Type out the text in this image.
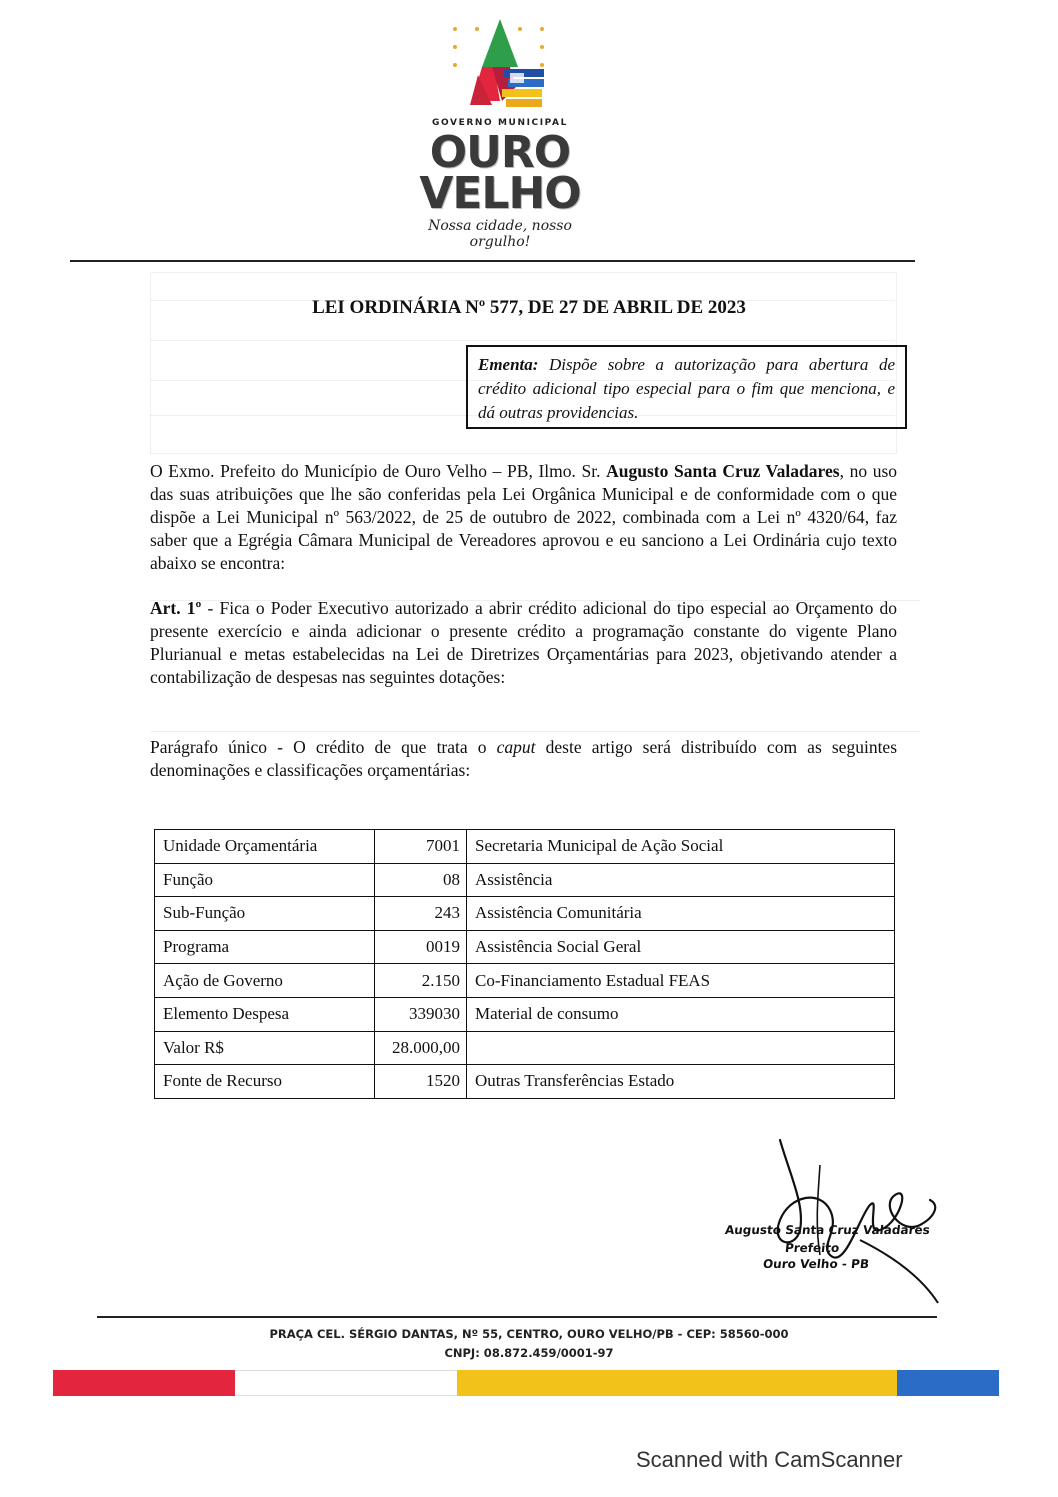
GOVERNO MUNICIPAL
OURO
VELHO
Nossa cidade, nosso orgulho!
LEI ORDINÁRIA Nº 577, DE 27 DE ABRIL DE 2023
Ementa: Dispõe sobre a autorização para abertura de crédito adicional tipo especial para o fim que menciona, e dá outras providencias.
O Exmo. Prefeito do Município de Ouro Velho – PB, Ilmo. Sr. Augusto Santa Cruz Valadares, no uso das suas atribuições que lhe são conferidas pela Lei Orgânica Municipal e de conformidade com o que dispõe a Lei Municipal nº 563/2022, de 25 de outubro de 2022, combinada com a Lei nº 4320/64, faz saber que a Egrégia Câmara Municipal de Vereadores aprovou e eu sanciono a Lei Ordinária cujo texto abaixo se encontra:
Art. 1º - Fica o Poder Executivo autorizado a abrir crédito adicional do tipo especial ao Orçamento do presente exercício e ainda adicionar o presente crédito a programação constante do vigente Plano Plurianual e metas estabelecidas na Lei de Diretrizes Orçamentárias para 2023, objetivando atender a contabilização de despesas nas seguintes dotações:
Parágrafo único - O crédito de que trata o caput deste artigo será distribuído com as seguintes denominações e classificações orçamentárias:
Unidade Orçamentária	7001	Secretaria Municipal de Ação Social
Função	08	Assistência
Sub-Função	243	Assistência Comunitária
Programa	0019	Assistência Social Geral
Ação de Governo	2.150	Co-Financiamento Estadual FEAS
Elemento Despesa	339030	Material de consumo
Valor R$	28.000,00	
Fonte de Recurso	1520	Outras Transferências Estado
Augusto Santa Cruz Valadares
Prefeito
Ouro Velho - PB
PRAÇA CEL. SÉRGIO DANTAS, Nº 55, CENTRO, OURO VELHO/PB - CEP: 58560-000
CNPJ: 08.872.459/0001-97
Scanned with CamScanner
